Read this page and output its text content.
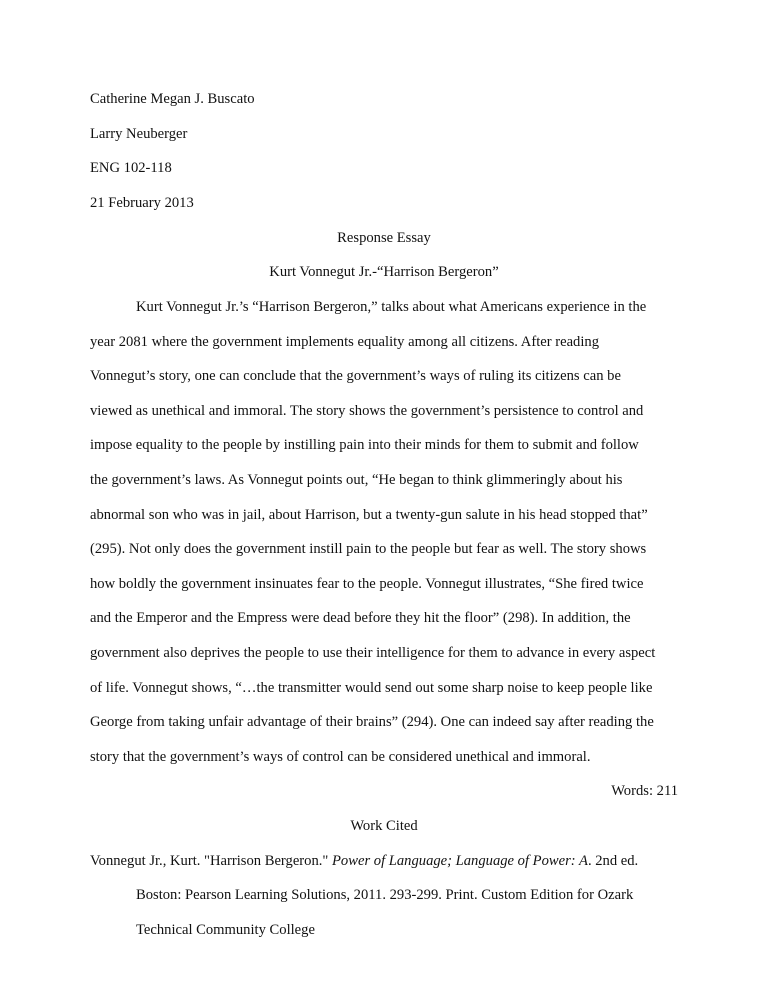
Catherine Megan J. Buscato
Larry Neuberger
ENG 102-118
21 February 2013
Response Essay
Kurt Vonnegut Jr.-“Harrison Bergeron”
Kurt Vonnegut Jr.’s “Harrison Bergeron,” talks about what Americans experience in the
year 2081 where the government implements equality among all citizens. After reading
Vonnegut’s story, one can conclude that the government’s ways of ruling its citizens can be
viewed as unethical and immoral. The story shows the government’s persistence to control and
impose equality to the people by instilling pain into their minds for them to submit and follow
the government’s laws. As Vonnegut points out, “He began to think glimmeringly about his
abnormal son who was in jail, about Harrison, but a twenty-gun salute in his head stopped that”
(295). Not only does the government instill pain to the people but fear as well. The story shows
how boldly the government insinuates fear to the people. Vonnegut illustrates, “She fired twice
and the Emperor and the Empress were dead before they hit the floor” (298). In addition, the
government also deprives the people to use their intelligence for them to advance in every aspect
of life. Vonnegut shows, “…the transmitter would send out some sharp noise to keep people like
George from taking unfair advantage of their brains” (294). One can indeed say after reading the
story that the government’s ways of control can be considered unethical and immoral.
Words: 211
Work Cited
Vonnegut Jr., Kurt. "Harrison Bergeron." Power of Language; Language of Power: A. 2nd ed.
Boston: Pearson Learning Solutions, 2011. 293-299. Print. Custom Edition for Ozark
Technical Community College
